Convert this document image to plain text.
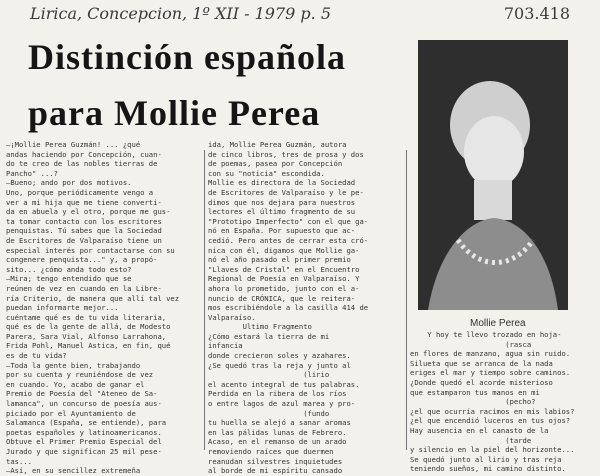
Lirica, Concepcion, 1º XII - 1979 p. 5	703.418
Distinción española
para Mollie Perea
Mollie Perea
—¡Mollie Perea Guzmán! ... ¿qué
andas haciendo por Concepción, cuan-
do te creo de las nobles tierras de
Pancho" ...?
—Bueno; ando por dos motivos.
Uno, porque periódicamente vengo a
ver a mi hija que me tiene converti-
da en abuela y el otro, porque me gus-
ta tomar contacto con los escritores
penquistas. Tú sabes que la Sociedad
de Escritores de Valparaíso tiene un
especial interés por contactarse con su
congenere penquista..." y, a propó-
sito... ¿cómo anda todo esto?
—Mira; tengo entendido que se
reúnen de vez en cuando en la Libre-
ría Criterio, de manera que allí tal vez
puedan informarte mejor...
cuéntame qué es de tu vida literaria,
qué es de la gente de allá, de Modesto
Parera, Sara Vial, Alfonso Larrahona,
Frida Pohl, Manuel Astica, en fin, qué
es de tu vida?
—Toda la gente bien, trabajando
por su cuenta y reuniéndose de vez
en cuando. Yo, acabo de ganar el
Premio de Poesía del "Ateneo de Sa-
lamanca", un concurso de poesía aus-
piciado por el Ayuntamiento de
Salamanca (España, se entiende), para
poetas españoles y latinoamericanos.
Obtuve el Primer Premio Especial del
Jurado y que significan 25 mil pese-
tas...
—Así, en su sencillez extremeña
ida, Mollie Perea Guzmán, autora
de cinco libros, tres de prosa y dos
de poemas, pasea por Concepción
con su "noticia" escondida.
Mollie es directora de la Sociedad
de Escritores de Valparaíso y le pe-
dimos que nos dejara para nuestros
lectores el último fragmento de su
"Prototipo Imperfecto" con el que ga-
nó en España. Por supuesto que ac-
cedió. Pero antes de cerrar esta cró-
nica con él, digamos que Mollie ga-
nó el año pasado el primer premio
"Llaves de Cristal" en el Encuentro
Regional de Poesía en Valparaíso. Y
ahora lo prometido, junto con el a-
nuncio de CRÓNICA, que le reitera-
mos escribiéndole a la casilla 414 de
Valparaíso.
Ultimo Fragmento
¿Cómo estará la tierra de mi
infancia
donde crecieron soles y azahares.
¿Se quedó tras la reja y junto al
(lirio
el acento integral de tus palabras.
Perdida en la ribera de los ríos
o entre lagos de azul marea y pro-
(fundo
tu huella se alejó a sanar aromas
en las pálidas lunas de Febrero.
Acaso, en el remanso de un arado
removiendo raíces que duermen
reanudan silvestres inquietudes
al borde de mi espíritu cansado
Y hoy te llevo trozado en hoja-
(rasca
en flores de manzano, agua sin ruido.
Silueta que se arranca de la nada
eriges el mar y tiempo sobre caminos.
¿Donde quedó el acorde misterioso
que estamparon tus manos en mi
(pecho?
¿el que ocurría racimos en mis labios?
¿el que encendió luceros en tus ojos?
Hay ausencia en el canasto de la
(tarde
y silencio en la piel del horizonte...
Se quedó junto al lirio y tras reja
teniendo sueños, mi camino distinto.
